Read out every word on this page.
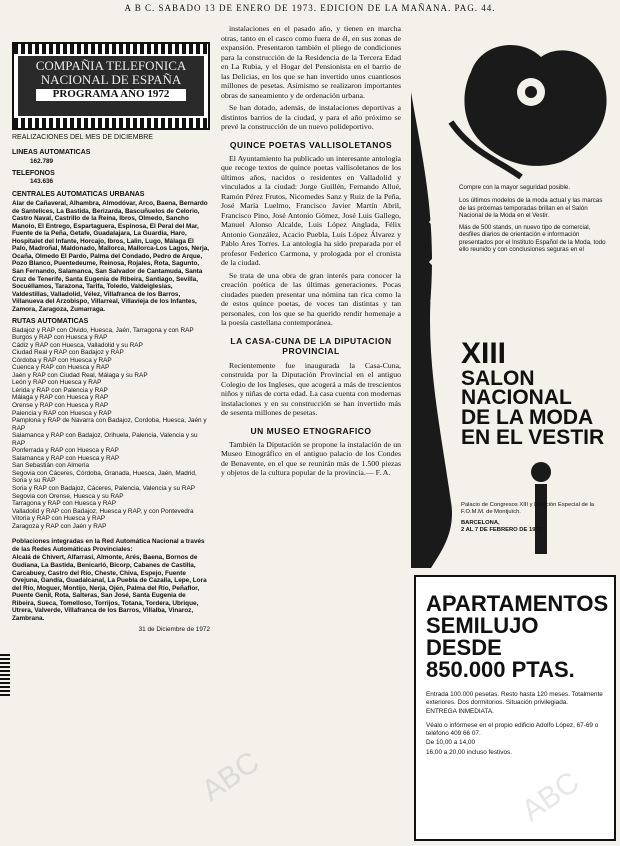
A B C. SABADO 13 DE ENERO DE 1973. EDICION DE LA MAÑANA. PAG. 44.
COMPAÑIA TELEFONICA
NACIONAL DE ESPAÑA
PROGRAMA AÑO 1972
REALIZACIONES DEL MES DE DICIEMBRE
LINEAS AUTOMATICAS
162.789
TELEFONOS
143.636
CENTRALES AUTOMATICAS URBANAS
Alar de Cañaveral, Alhambra, Almodóvar, Arco, Baena, Bernardo de Santelices, La Bastida, Berizarda, Bascuñuelos de Celorio, Castro Naval, Castrillo de la Reina, Ibros, Olmedo, Sancho Manolo, El Entrego, Espartaguera, Espinosa, El Peral del Mar, Fuente de la Peña, Getafe, Guadalajara, La Guardia, Haro, Hospitalet del Infante, Horcajo, Ibros, Lalin, Lugo, Málaga El Palo, Madroñal, Maldonado, Mallorca, Mallorca-Los Lagos, Nerja, Ocaña, Olmedo El Pardo, Palma del Condado, Pedro de Arque, Pozo Blanco, Puentedeume, Reinosa, Rojales, Rota, Sagunto, San Fernando, Salamanca, San Salvador de Cantamuda, Santa Cruz de Tenerife, Santa Eugenia de Ribeira, Santiago, Sevilla, Socuéllamos, Tarazona, Tarifa, Toledo, Valdeiglesias, Valdestillas, Valladolid, Vélez, Villafranca de los Barros, Villanueva del Arzobispo, Villarreal, Villavieja de los Infantes, Zamora, Zaragoza, Zumarraga.
RUTAS AUTOMATICAS
Badajoz y RAP con Olvido, Huesca, Jaén, Tarragona y con RAP
Burgos y RAP con Huesca y RAP
Cádiz y RAP con Huesca, Valladolid y su RAP
Ciudad Real y RAP con Badajoz y RAP
Córdoba y RAP con Huesca y RAP
Cuenca y RAP con Huesca y RAP
Jaén y RAP con Ciudad Real, Málaga y su RAP
León y RAP con Huesca y RAP
Lérida y RAP con Palencia y RAP
Málaga y RAP con Huesca y RAP
Orense y RAP con Huesca y RAP
Palencia y RAP con Huesca y RAP
Pamplona y RAP de Navarra con Badajoz, Cordoba, Huesca, Jaén y RAP
Salamanca y RAP con Badajoz, Orihuela, Palencia, Valencia y su RAP
Ponferrada y RAP con Huesca y RAP
Salamanca y RAP con Huesca y RAP
San Sebastián con Almería
Segovia con Cáceres, Córdoba, Granada, Huesca, Jaén, Madrid, Soria y su RAP
Soria y RAP con Badajoz, Cáceres, Palencia, Valencia y su RAP
Segovia con Orense, Huesca y su RAP
Tarragona y RAP con Huesca y RAP
Valladolid y RAP con Badajoz, Huesca y RAP, y con Pontevedra
Vitoria y RAP con Huesca y RAP
Zaragoza y RAP con Jaén y RAP
Poblaciones integradas en la Red Automática Nacional a través de las Redes Automáticas Provinciales:
Alcalá de Chivert, Alfarrasí, Almonte, Arés, Baena, Bornos de Gudiana, La Bastida, Benicarló, Bicorp, Cabanes de Castilla, Carcabuey, Castro del Río, Cheste, Chiva, Espejo, Fuente Ovejuna, Gandía, Guadalcanal, La Puebla de Cazalla, Lepe, Lora del Río, Moguer, Montijo, Nerja, Ojén, Palma del Río, Peñaflor, Puente Genil, Rota, Salteras, San José, Santa Eugenia de Ribeira, Sueca, Tomelloso, Torrijos, Totana, Tordera, Ubrique, Utrera, Valverde, Villafranca de los Barros, Villalba, Vinaroz, Zambrana.
31 de Diciembre de 1972

instalaciones en el pasado año, y tienen en marcha otras, tanto en el casco como fuera de él, en sus zonas de expansión. Presentaron también el pliego de condiciones para la construcción de la Residencia de la Tercera Edad en La Rubia, y el Hogar del Pensionista en el barrio de las Delicias, en los que se han invertido unos cuantiosos millones de pesetas. Asimismo se realizaron importantes obras de saneamiento y de ordenación urbana.

Se han dotado, además, de instalaciones deportivas a distintos barrios de la ciudad, y para el año próximo se prevé la construcción de un nuevo polideportivo.

QUINCE POETAS VALLISOLETANOS

El Ayuntamiento ha publicado un interesante antología que recoge textos de quince poetas vallisoletanos de los últimos años, nacidos o residentes en Valladolid y vinculados a la ciudad: Jorge Guillén, Fernando Allué, Ramón Pérez Frutos, Nicomedes Sanz y Ruiz de la Peña, José María Luelmo, Francisco Javier Martín Abril, Francisco Pino, José Antonio Gómez, José Luis Gallego, Manuel Alonso Alcalde, Luis López Anglada, Félix Antonio González, Acacio Puebla, Luis López Álvarez y Pablo Ares Torres. La antología ha sido preparada por el profesor Federico Carmona, y prologada por el cronista de la ciudad.

Se trata de una obra de gran interés para conocer la creación poética de las últimas generaciones. Pocas ciudades pueden presentar una nómina tan rica como la de estos quince poetas, de voces tan distintas y tan personales, con los que se ha querido rendir homenaje a la poesía castellana contemporánea.

LA CASA-CUNA DE LA DIPUTACION PROVINCIAL

Recientemente fue inaugurada la Casa-Cuna, construida por la Diputación Provincial en el antiguo Colegio de los Ingleses, que acogerá a más de trescientos niños y niñas de corta edad. La casa cuenta con modernas instalaciones y en su construcción se han invertido más de sesenta millones de pesetas.

UN MUSEO ETNOGRAFICO

También la Diputación se propone la instalación de un Museo Etnográfico en el antiguo palacio de los Condes de Benavente, en el que se reunirán más de 1.500 piezas y objetos de la cultura popular de la provincia.— F. A.

Compre con la mayor seguridad posible.
Los últimos modelos de la moda actual y las marcas de las próximas temporadas brillan en el Salón Nacional de la Moda en el Vestir.
Más de 500 stands, un nuevo tipo de comercial, desfiles diarios de orientación e información presentados por el Instituto Español de la Moda, todo ello reunido y con conclusiones seguras en el
XIII
SALON NACIONAL
DE LA MODA
EN EL VESTIR
Palacio de Congresos XIII y Estación Especial de la F.O.M.M. de Montjuïch.
BARCELONA,
2 AL 7 DE FEBRERO DE 1973
APARTAMENTOS
SEMILUJO
DESDE
850.000 PTAS.

Entrada 100.000 pesetas. Resto hasta 120 meses. Totalmente exteriores. Dos dormitorios. Situación privilegiada.

ENTREGA INMEDIATA.

Véalo o infórmese en el propio edificio Adolfo López, 67-69 o teléfono 409 66 07.

De 10,00 a 14,00

16,00 a 20,00 incluso festivos.

ABC	ABC
